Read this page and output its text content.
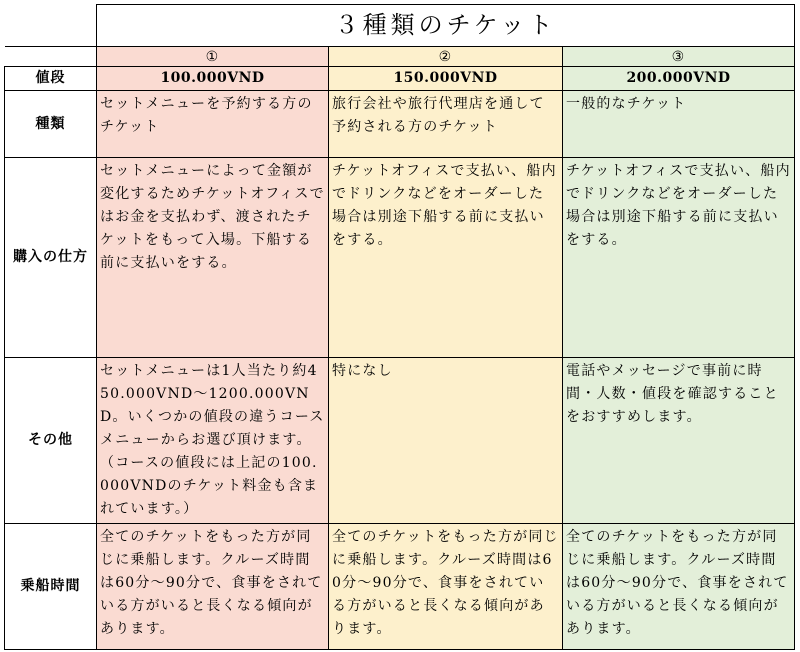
	３種類のチケット		
	①	②	③
値段	100.000VND	150.000VND	200.000VND
種類	セットメニューを予約する方のチケット	旅行会社や旅行代理店を通して予約される方のチケット	一般的なチケット
購入の仕方	セットメニューによって金額が変化するためチケットオフィスではお金を支払わず、渡されたチケットをもって入場。下船する前に支払いをする。	チケットオフィスで支払い、船内でドリンクなどをオーダーした場合は別途下船する前に支払いをする。	チケットオフィスで支払い、船内でドリンクなどをオーダーした場合は別途下船する前に支払いをする。
その他	セットメニューは1人当たり約450.000VND～1200.000VND。いくつかの値段の違うコースメニューからお選び頂けます。（コースの値段には上記の100.000VNDのチケット料金も含まれています。）	特になし	電話やメッセージで事前に時間・人数・値段を確認することをおすすめします。
乗船時間	全てのチケットをもった方が同じに乗船します。クルーズ時間は60分～90分で、食事をされている方がいると長くなる傾向があります。	全てのチケットをもった方が同じに乗船します。クルーズ時間は60分～90分で、食事をされている方がいると長くなる傾向があります。	全てのチケットをもった方が同じに乗船します。クルーズ時間は60分～90分で、食事をされている方がいると長くなる傾向があります。
